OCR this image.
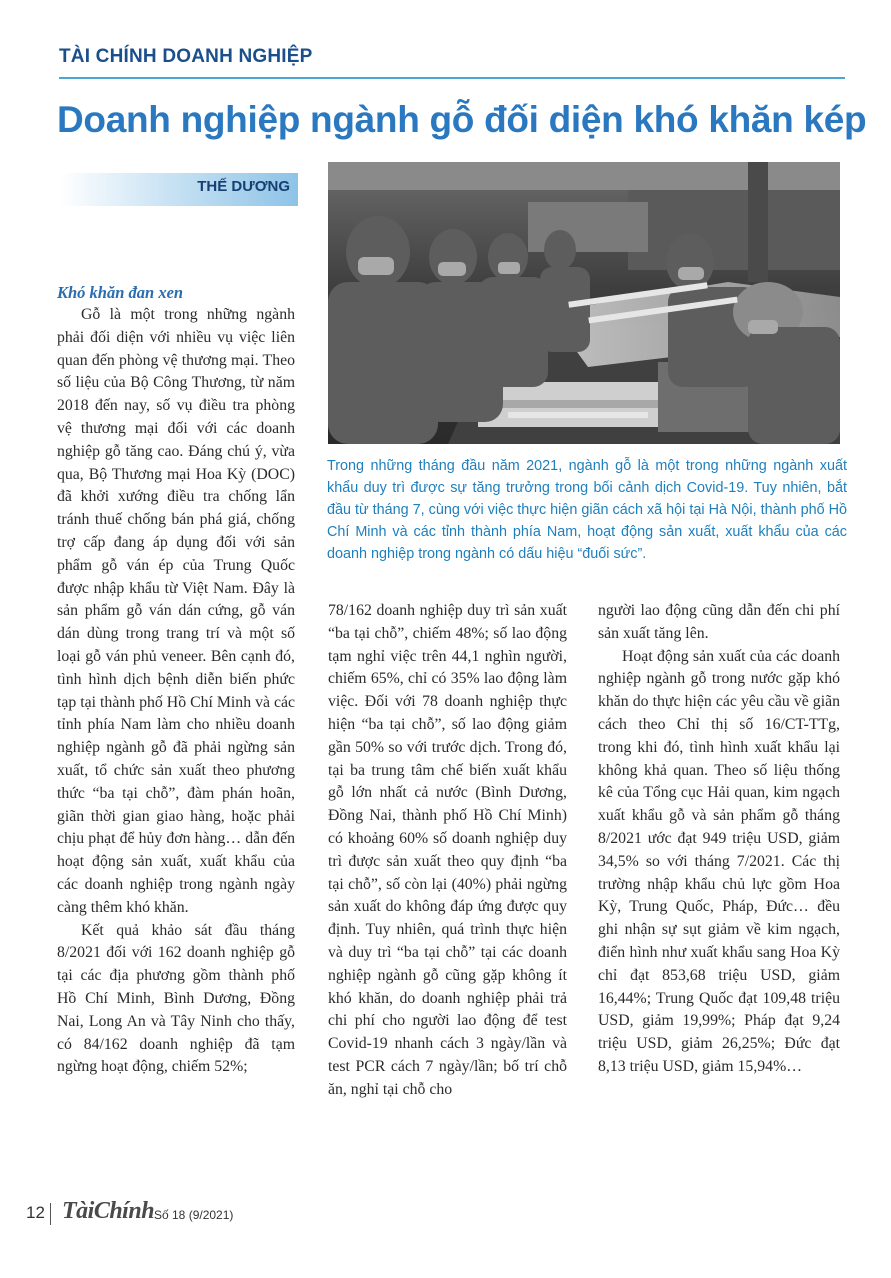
TÀI CHÍNH DOANH NGHIỆP
Doanh nghiệp ngành gỗ đối diện khó khăn kép
THẾ DƯƠNG
Trong những tháng đầu năm 2021, ngành gỗ là một trong những ngành xuất khẩu duy trì được sự tăng trưởng trong bối cảnh dịch Covid-19. Tuy nhiên, bắt đầu từ tháng 7, cùng với việc thực hiện giãn cách xã hội tại Hà Nội, thành phố Hồ Chí Minh và các tỉnh thành phía Nam, hoạt động sản xuất, xuất khẩu của các doanh nghiệp trong ngành có dấu hiệu “đuối sức”.
Khó khăn đan xen

Gỗ là một trong những ngành phải đối diện với nhiều vụ việc liên quan đến phòng vệ thương mại. Theo số liệu của Bộ Công Thương, từ năm 2018 đến nay, số vụ điều tra phòng vệ thương mại đối với các doanh nghiệp gỗ tăng cao. Đáng chú ý, vừa qua, Bộ Thương mại Hoa Kỳ (DOC) đã khởi xướng điều tra chống lẩn tránh thuế chống bán phá giá, chống trợ cấp đang áp dụng đối với sản phẩm gỗ ván ép của Trung Quốc được nhập khẩu từ Việt Nam. Đây là sản phẩm gỗ ván dán cứng, gỗ ván dán dùng trong trang trí và một số loại gỗ ván phủ veneer. Bên cạnh đó, tình hình dịch bệnh diễn biến phức tạp tại thành phố Hồ Chí Minh và các tỉnh phía Nam làm cho nhiều doanh nghiệp ngành gỗ đã phải ngừng sản xuất, tổ chức sản xuất theo phương thức “ba tại chỗ”, đàm phán hoãn, giãn thời gian giao hàng, hoặc phải chịu phạt để hủy đơn hàng… dẫn đến hoạt động sản xuất, xuất khẩu của các doanh nghiệp trong ngành ngày càng thêm khó khăn.

Kết quả khảo sát đầu tháng 8/2021 đối với 162 doanh nghiệp gỗ tại các địa phương gồm thành phố Hồ Chí Minh, Bình Dương, Đồng Nai, Long An và Tây Ninh cho thấy, có 84/162 doanh nghiệp đã tạm ngừng hoạt động, chiếm 52%;

78/162 doanh nghiệp duy trì sản xuất “ba tại chỗ”, chiếm 48%; số lao động tạm nghỉ việc trên 44,1 nghìn người, chiếm 65%, chỉ có 35% lao động làm việc. Đối với 78 doanh nghiệp thực hiện “ba tại chỗ”, số lao động giảm gần 50% so với trước dịch. Trong đó, tại ba trung tâm chế biến xuất khẩu gỗ lớn nhất cả nước (Bình Dương, Đồng Nai, thành phố Hồ Chí Minh) có khoảng 60% số doanh nghiệp duy trì được sản xuất theo quy định “ba tại chỗ”, số còn lại (40%) phải ngừng sản xuất do không đáp ứng được quy định. Tuy nhiên, quá trình thực hiện và duy trì “ba tại chỗ” tại các doanh nghiệp ngành gỗ cũng gặp không ít khó khăn, do doanh nghiệp phải trả chi phí cho người lao động để test Covid-19 nhanh cách 3 ngày/lần và test PCR cách 7 ngày/lần; bố trí chỗ ăn, nghỉ tại chỗ cho

người lao động cũng dẫn đến chi phí sản xuất tăng lên.

Hoạt động sản xuất của các doanh nghiệp ngành gỗ trong nước gặp khó khăn do thực hiện các yêu cầu về giãn cách theo Chỉ thị số 16/CT-TTg, trong khi đó, tình hình xuất khẩu lại không khả quan. Theo số liệu thống kê của Tổng cục Hải quan, kim ngạch xuất khẩu gỗ và sản phẩm gỗ tháng 8/2021 ước đạt 949 triệu USD, giảm 34,5% so với tháng 7/2021. Các thị trường nhập khẩu chủ lực gồm Hoa Kỳ, Trung Quốc, Pháp, Đức… đều ghi nhận sự sụt giảm về kim ngạch, điển hình như xuất khẩu sang Hoa Kỳ chỉ đạt 853,68 triệu USD, giảm 16,44%; Trung Quốc đạt 109,48 triệu USD, giảm 19,99%; Pháp đạt 9,24 triệu USD, giảm 26,25%; Đức đạt 8,13 triệu USD, giảm 15,94%…

12 TàiChính Số 18 (9/2021)
